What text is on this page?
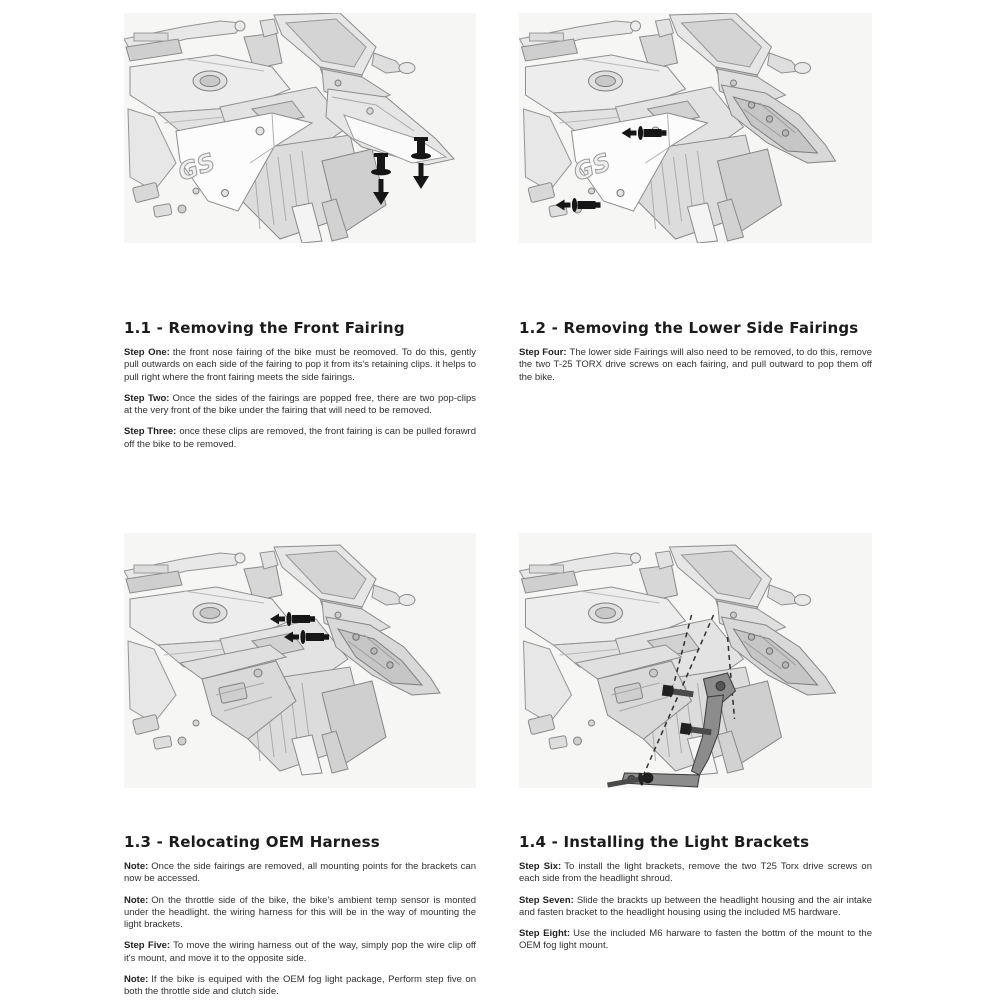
1.1 - Removing the Front Fairing

Step One: the front nose fairing of the bike must be reomoved. To do this, gently pull outwards on each side of the fairing to pop it from its's retaining clips. it helps to pull right where the front fairing meets the side fairings.

Step Two: Once the sides of the fairings are popped free, there are two pop-clips at the very front of the bike under the fairing that will need to be removed.

Step Three: once these clips are removed, the front fairing is can be pulled forawrd off the bike to be removed.

1.2 - Removing the Lower Side Fairings

Step Four: The lower side Fairings will also need to be removed, to do this, remove the two T-25 TORX drive screws on each fairing, and pull outward to pop them off the bike.

1.3 - Relocating OEM Harness

Note: Once the side fairings are removed, all mounting points for the brackets can now be accessed.

Note: On the throttle side of the bike, the bike's ambient temp sensor is monted under the headlight. the wiring harness for this will be in the way of mounting the light brackets.

Step Five: To move the wiring harness out of the way, simply pop the wire clip off it's mount, and move it to the opposite side.

Note: If the bike is equiped with the OEM fog light package, Perform step five on both the throttle side and clutch side.

1.4 - Installing the Light Brackets

Step Six: To install the light brackets, remove the two T25 Torx drive screws on each side from the headlight shroud.

Step Seven: Slide the brackts up between the headlight housing and the air intake and fasten bracket to the headlight housing using the included M5 hardware.

Step Eight: Use the included M6 harware to fasten the bottm of the mount to the OEM fog light mount.
